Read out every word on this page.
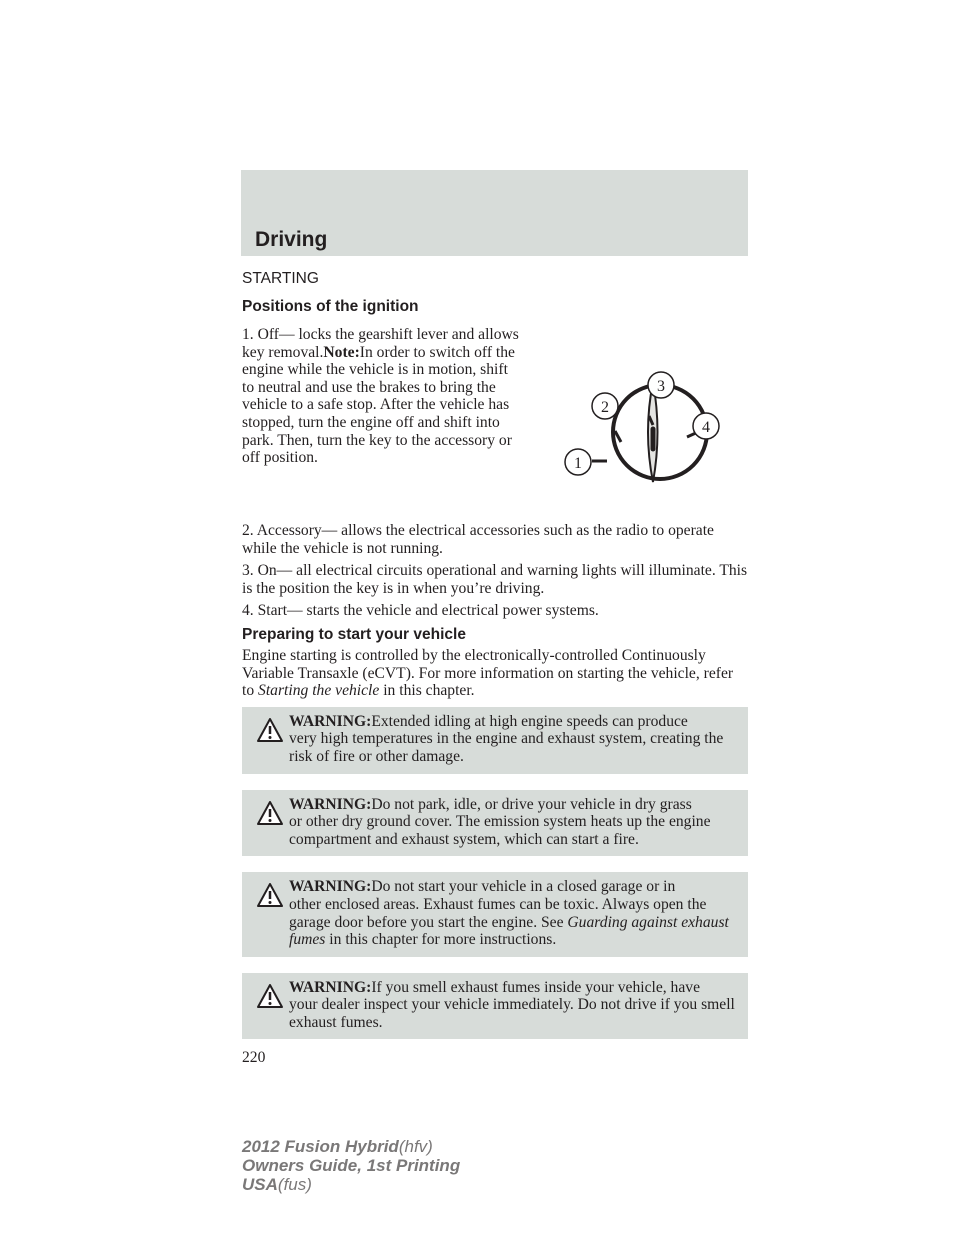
Driving

STARTING

Positions of the ignition

1. Off— locks the gearshift lever and allows key removal.Note:In order to switch off the engine while the vehicle is in motion, shift to neutral and use the brakes to bring the vehicle to a safe stop. After the vehicle has stopped, turn the engine off and shift into park. Then, turn the key to the accessory or off position.	1
2
3
4

2. Accessory— allows the electrical accessories such as the radio to operate while the vehicle is not running.

3. On— all electrical circuits operational and warning lights will illuminate. This is the position the key is in when you’re driving.

4. Start— starts the vehicle and electrical power systems.

Preparing to start your vehicle

Engine starting is controlled by the electronically-controlled Continuously Variable Transaxle (eCVT). For more information on starting the vehicle, refer to Starting the vehicle in this chapter.

WARNING:Extended idling at high engine speeds can produce

very high temperatures in the engine and exhaust system, creating the risk of fire or other damage.

WARNING:Do not park, idle, or drive your vehicle in dry grass

or other dry ground cover. The emission system heats up the engine compartment and exhaust system, which can start a fire.

WARNING:Do not start your vehicle in a closed garage or in

other enclosed areas. Exhaust fumes can be toxic. Always open the garage door before you start the engine. See Guarding against exhaust fumes in this chapter for more instructions.

WARNING:If you smell exhaust fumes inside your vehicle, have

your dealer inspect your vehicle immediately. Do not drive if you smell exhaust fumes.

220
2012 Fusion Hybrid(hfv)
Owners Guide, 1st Printing
USA(fus)
